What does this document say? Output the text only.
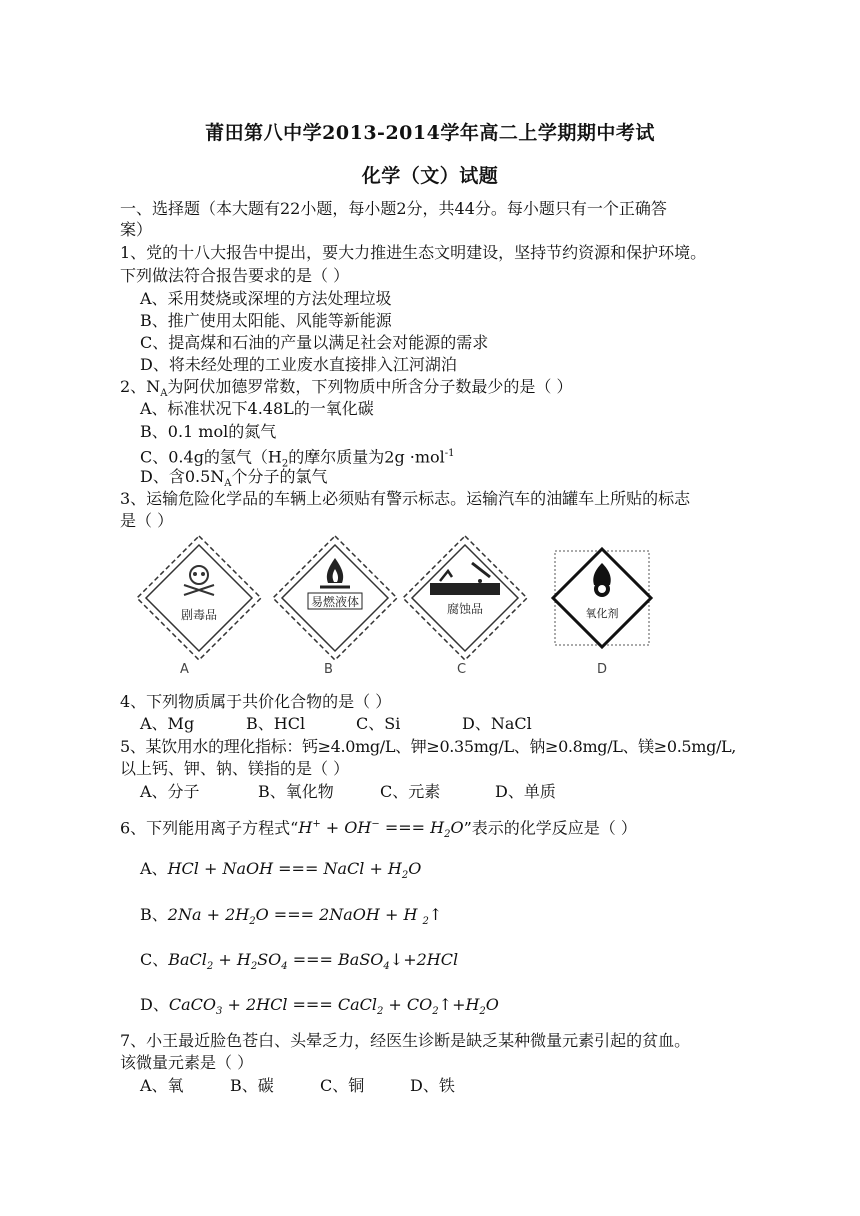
莆田第八中学2013-2014学年高二上学期期中考试
化学（文）试题
一、选择题（本大题有22小题，每小题2分，共44分。每小题只有一个正确答
案）
1、党的十八大报告中提出，要大力推进生态文明建设，坚持节约资源和保护环境。
下列做法符合报告要求的是（ ）
A、采用焚烧或深埋的方法处理垃圾
B、推广使用太阳能、风能等新能源
C、提高煤和石油的产量以满足社会对能源的需求
D、将未经处理的工业废水直接排入江河湖泊
2、$N_A$为阿伏加德罗常数，下列物质中所含分子数最少的是（ ）
A、标准状况下4.48L的一氧化碳
B、0.1 mol的氮气
C、0.4g的氢气（$H_2$的摩尔质量为2g ·mol$^{-1}$
D、含$0.5N_A$个分子的氯气
3、运输危险化学品的车辆上必须贴有警示标志。运输汽车的油罐车上所贴的标志
是（ ）
剧毒品
A
易燃液体
B
腐蚀品
C
氧化剂
D
4、下列物质属于共价化合物的是（ ）
A、Mg	B、HCl	C、Si	D、NaCl
5、某饮用水的理化指标：钙≥4.0mg/L、钾≥0.35mg/L、钠≥0.8mg/L、镁≥0.5mg/L,
以上钙、钾、钠、镁指的是（ ）
A、分子	B、氧化物	C、元素	D、单质
6、下列能用离子方程式“H+ + OH− === $H_2O$”表示的化学反应是（ ）
A、HCl + NaOH === NaCl + $H_2O$
B、$2Na + 2H_2O$ === 2NaOH + H $_2$↑
C、BaCl$_2$ + $H_2SO_4$ === BaSO$_4$↓+2HCl
D、CaCO$_3$ + 2HCl === CaCl$_2$ + $CO_2↑+H_2O$
7、小王最近脸色苍白、头晕乏力，经医生诊断是缺乏某种微量元素引起的贫血。
该微量元素是（ ）
A、氧	B、碳	C、铜	D、铁
